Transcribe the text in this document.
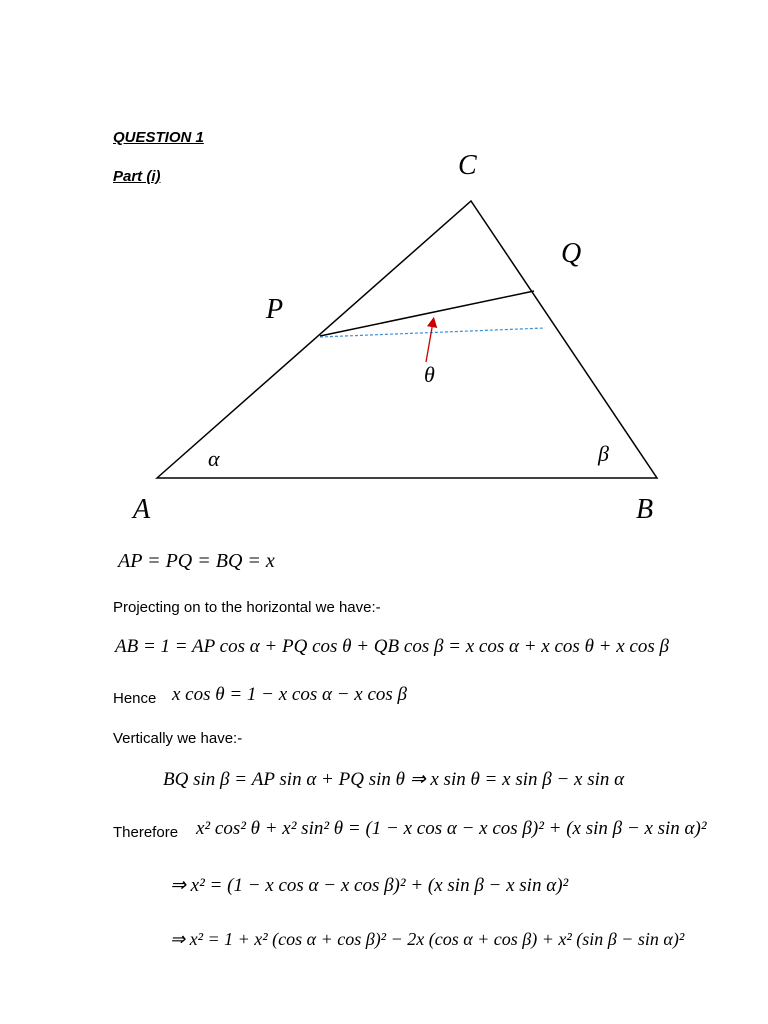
QUESTION 1
Part (i)	C
Q
P
θ
α	β
A	B
AP = PQ = BQ = x
Projecting on to the horizontal we have:-
AB = 1 = AP cos α + PQ cos θ + QB cos β = x cos α + x cos θ + x cos β
Hence x cos θ = 1 − x cos α − x cos β
Vertically we have:-
BQ sin β = AP sin α + PQ sin θ ⇒ x sin θ = x sin β − x sin α
Therefore x² cos² θ + x² sin² θ = (1 − x cos α − x cos β)² + (x sin β − x sin α)²
⇒ x² = (1 − x cos α − x cos β)² + (x sin β − x sin α)²
⇒ x² = 1 + x² (cos α + cos β)² − 2x (cos α + cos β) + x² (sin β − sin α)²
